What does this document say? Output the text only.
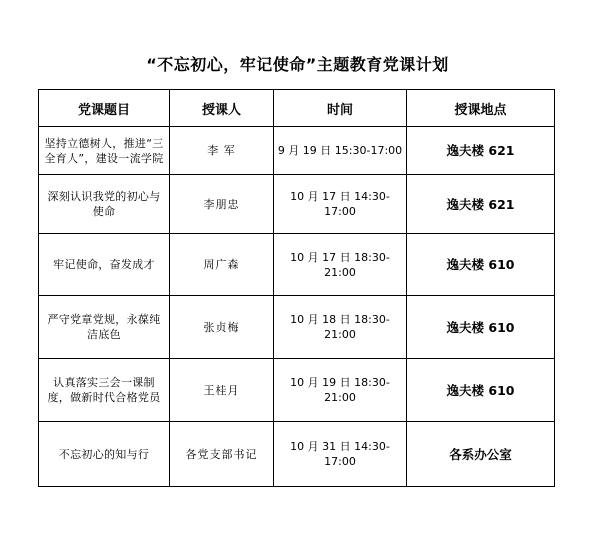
“不忘初心，牢记使命”主题教育党课计划
党课题目	授课人	时间	授课地点
坚持立德树人，推进“三全育人”，建设一流学院	李 军	9 月 19 日 15:30-17:00	逸夫楼 621
深刻认识我党的初心与使命	李朋忠	10 月 17 日 14:30-17:00	逸夫楼 621
牢记使命，奋发成才	周广森	10 月 17 日 18:30-21:00	逸夫楼 610
严守党章党规，永葆纯洁底色	张贞梅	10 月 18 日 18:30-21:00	逸夫楼 610
认真落实三会一课制度，做新时代合格党员	王桂月	10 月 19 日 18:30-21:00	逸夫楼 610
不忘初心的知与行	各党支部书记	10 月 31 日 14:30-17:00	各系办公室
